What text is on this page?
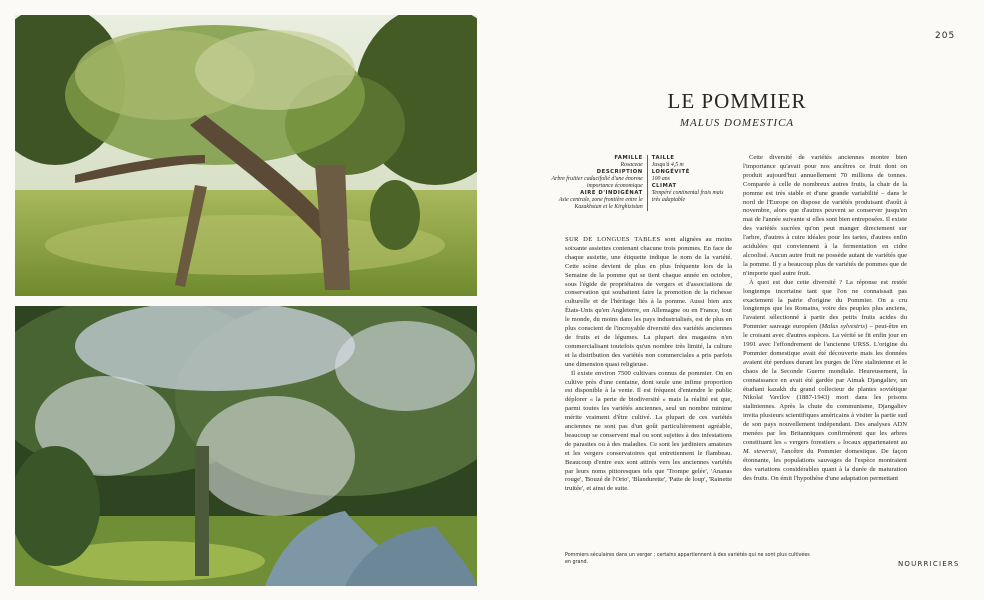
205
LE POMMIER
MALUS DOMESTICA
FAMILLE
Rosaceae
DESCRIPTION
Arbre fruitier caducifolié d'une énorme importance économique
AIRE D'INDIGÉNAT
Asie centrale, zone frontière entre le Kazakhstan et le Kirghizistan
TAILLE
Jusqu'à 4,5 m
LONGÉVITÉ
100 ans
CLIMAT
Tempéré continental frais mais très adaptable

SUR DE LONGUES TABLES sont alignées au moins soixante assiettes contenant chacune trois pommes. En face de chaque assiette, une étiquette indique le nom de la variété. Cette scène devient de plus en plus fréquente lors de la Semaine de la pomme qui se tient chaque année en octobre, sous l'égide de propriétaires de vergers et d'associations de conservation qui souhaitent faire la promotion de la richesse culturelle et de l'héritage liés à la pomme. Aussi bien aux États-Unis qu'en Angleterre, en Allemagne ou en France, tout le monde, du moins dans les pays industrialisés, est de plus en plus conscient de l'incroyable diversité des variétés anciennes de fruits et de légumes. La plupart des magasins n'en commercialisant toutefois qu'un nombre très limité, la culture et la distribution des variétés non commerciales a pris parfois une dimension quasi religieuse.

Il existe environ 7500 cultivars connus de pommier. On en cultive près d'une centaine, dont seule une infime proportion est disponible à la vente. Il est fréquent d'entendre le public déplorer « la perte de biodiversité » mais la réalité est que, parmi toutes les variétés anciennes, seul un nombre minime mérite vraiment d'être cultivé. La plupart de ces variétés anciennes ne sont pas d'un goût particulièrement agréable, beaucoup se conservent mal ou sont sujettes à des infestations de parasites ou à des maladies. Ce sont les jardiniers amateurs et les vergers conservatoires qui entretiennent le flambeau. Beaucoup d'entre eux sont attirés vers les anciennes variétés par leurs noms pittoresques tels que 'Trompe gelée', 'Ananas rouge', 'Bouzé de l'Orio', 'Blandurette', 'Patte de loup', 'Rainette truitée', et ainsi de suite.

Cette diversité de variétés anciennes montre bien l'importance qu'avait pour nos ancêtres ce fruit dont on produit aujourd'hui annuellement 70 millions de tonnes. Comparée à celle de nombreux autres fruits, la chair de la pomme est très stable et d'une grande variabilité – dans le nord de l'Europe on dispose de variétés produisant d'août à novembre, alors que d'autres peuvent se conserver jusqu'en mai de l'année suivante si elles sont bien entreposées. Il existe des variétés sucrées qu'on peut manger directement sur l'arbre, d'autres à cuire idéales pour les tartes, d'autres enfin acidulées qui conviennent à la fermentation en cidre alcoolisé. Aucun autre fruit ne possède autant de variétés que la pomme. Il y a beaucoup plus de variétés de pommes que de n'importe quel autre fruit.

À quoi est due cette diversité ? La réponse est restée longtemps incertaine tant que l'on ne connaissait pas exactement la patrie d'origine du Pommier. On a cru longtemps que les Romains, voire des peuples plus anciens, l'avaient sélectionné à partir des petits fruits acides du Pommier sauvage européen (Malus sylvestris) – peut-être en le croisant avec d'autres espèces. La vérité se fit enfin jour en 1991 avec l'effondrement de l'ancienne URSS. L'origine du Pommier domestique avait été découverte mais les données avaient été perdues durant les purges de l'ère stalinienne et le chaos de la Seconde Guerre mondiale. Heureusement, la connaissance en avait été gardée par Aimak Djangaliev, un étudiant kazakh du grand collecteur de plantes soviétique Nikolaï Vavilov (1887-1943) mort dans les prisons staliniennes. Après la chute du communisme, Djangaliev invita plusieurs scientifiques américains à visiter la partie sud de son pays nouvellement indépendant. Des analyses ADN menées par les Britanniques confirmèrent que les arbres constituant les « vergers forestiers » locaux appartenaient au M. sieversii, l'ancêtre du Pommier domestique. De façon étonnante, les populations sauvages de l'espèce montraient des variations considérables quant à la durée de maturation des fruits. On émit l'hypothèse d'une adaptation permettant

Pommiers séculaires dans un verger ; certains appartiennent à des variétés qui ne sont plus cultivées en grand.	NOURRICIERS
